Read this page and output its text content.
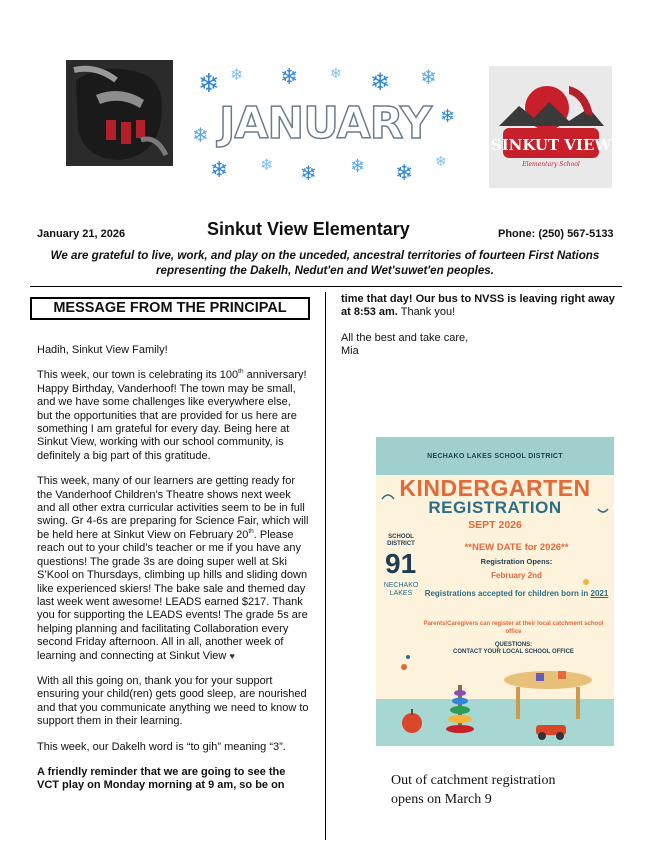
❄ ❄ ❄ ❄ ❄ ❄
❄
❄
❄ ❄ ❄ ❄ ❄ ❄
JANUARY	SINKUT VIEW
Elementary School
January 21, 2026	Sinkut View Elementary	Phone: (250) 567-5133
We are grateful to live, work, and play on the unceded, ancestral territories of fourteen First Nations
representing the Dakelh, Nedut'en and Wet'suwet'en peoples.
MESSAGE FROM THE PRINCIPAL

Hadih, Sinkut View Family!

This week, our town is celebrating its 100th anniversary! Happy Birthday, Vanderhoof! The town may be small, and we have some challenges like everywhere else, but the opportunities that are provided for us here are something I am grateful for every day. Being here at Sinkut View, working with our school community, is definitely a big part of this gratitude.

This week, many of our learners are getting ready for the Vanderhoof Children’s Theatre shows next week and all other extra curricular activities seem to be in full swing. Gr 4-6s are preparing for Science Fair, which will be held here at Sinkut View on February 20th. Please reach out to your child’s teacher or me if you have any questions! The grade 3s are doing super well at Ski S’Kool on Thursdays, climbing up hills and sliding down like experienced skiers! The bake sale and themed day last week went awesome! LEADS earned $217. Thank you for supporting the LEADS events! The grade 5s are helping planning and facilitating Collaboration every second Friday afternoon. All in all, another week of learning and connecting at Sinkut View ♥

With all this going on, thank you for your support ensuring your child(ren) gets good sleep, are nourished and that you communicate anything we need to know to support them in their learning.

This week, our Dakelh word is “to gih” meaning “3”.

A friendly reminder that we are going to see the VCT play on Monday morning at 9 am, so be on

time that day! Our bus to NVSS is leaving right away at 8:53 am. Thank you!

All the best and take care,
Mia

NECHAKO LAKES SCHOOL DISTRICT
KINDERGARTEN
REGISTRATION
SEPT 2026
SCHOOL DISTRICT
91
NECHAKO LAKES
**NEW DATE for 2026**
Registration Opens:
February 2nd
Registrations accepted for children born in 2021
Parents/Caregivers can register at their local catchment school office
QUESTIONS:
CONTACT YOUR LOCAL SCHOOL OFFICE
Out of catchment registration
opens on March 9
